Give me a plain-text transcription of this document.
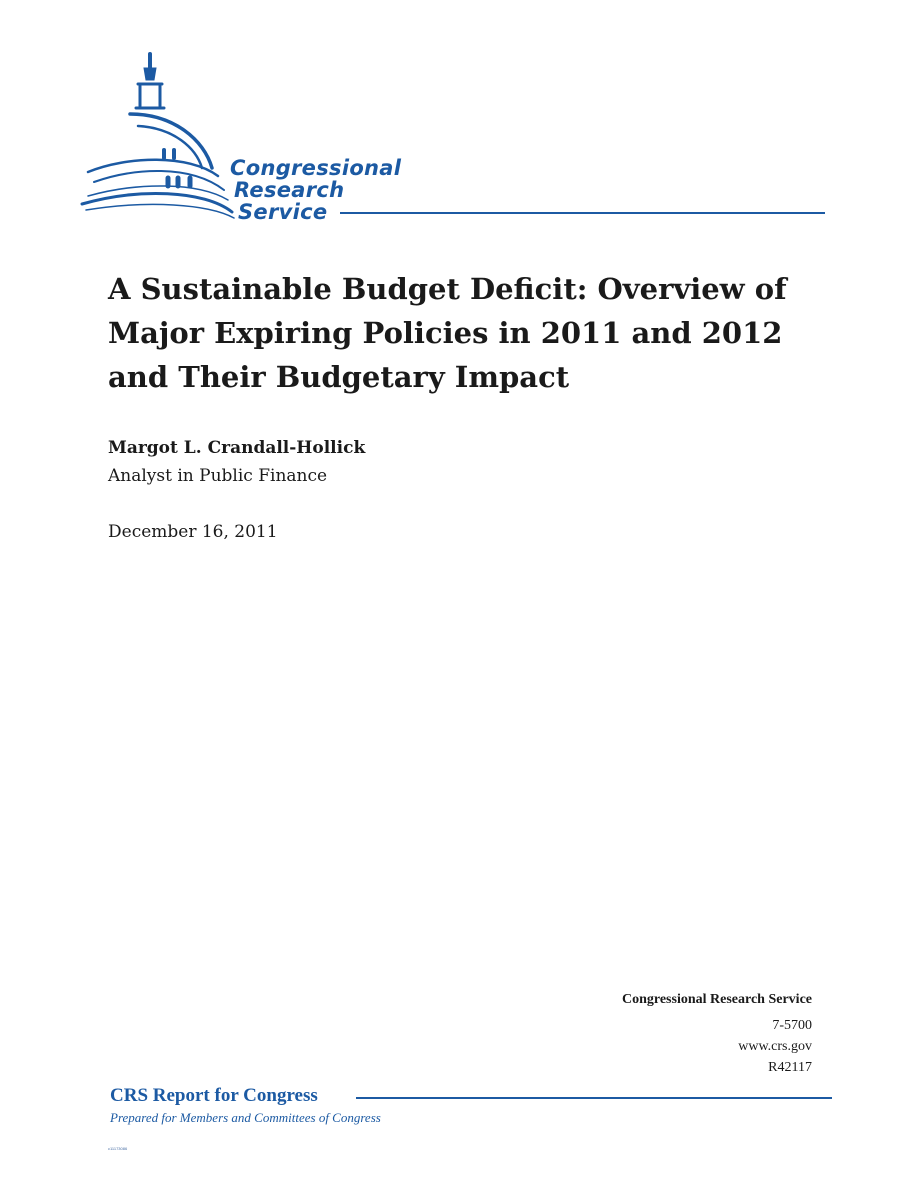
Congressional
Research
Service
A Sustainable Budget Deficit: Overview of Major Expiring Policies in 2011 and 2012 and Their Budgetary Impact
Margot L. Crandall-Hollick
Analyst in Public Finance
December 16, 2011
Congressional Research Service
7-5700
www.crs.gov
R42117
CRS Report for Congress
Prepared for Members and Committees of Congress
c11173086
